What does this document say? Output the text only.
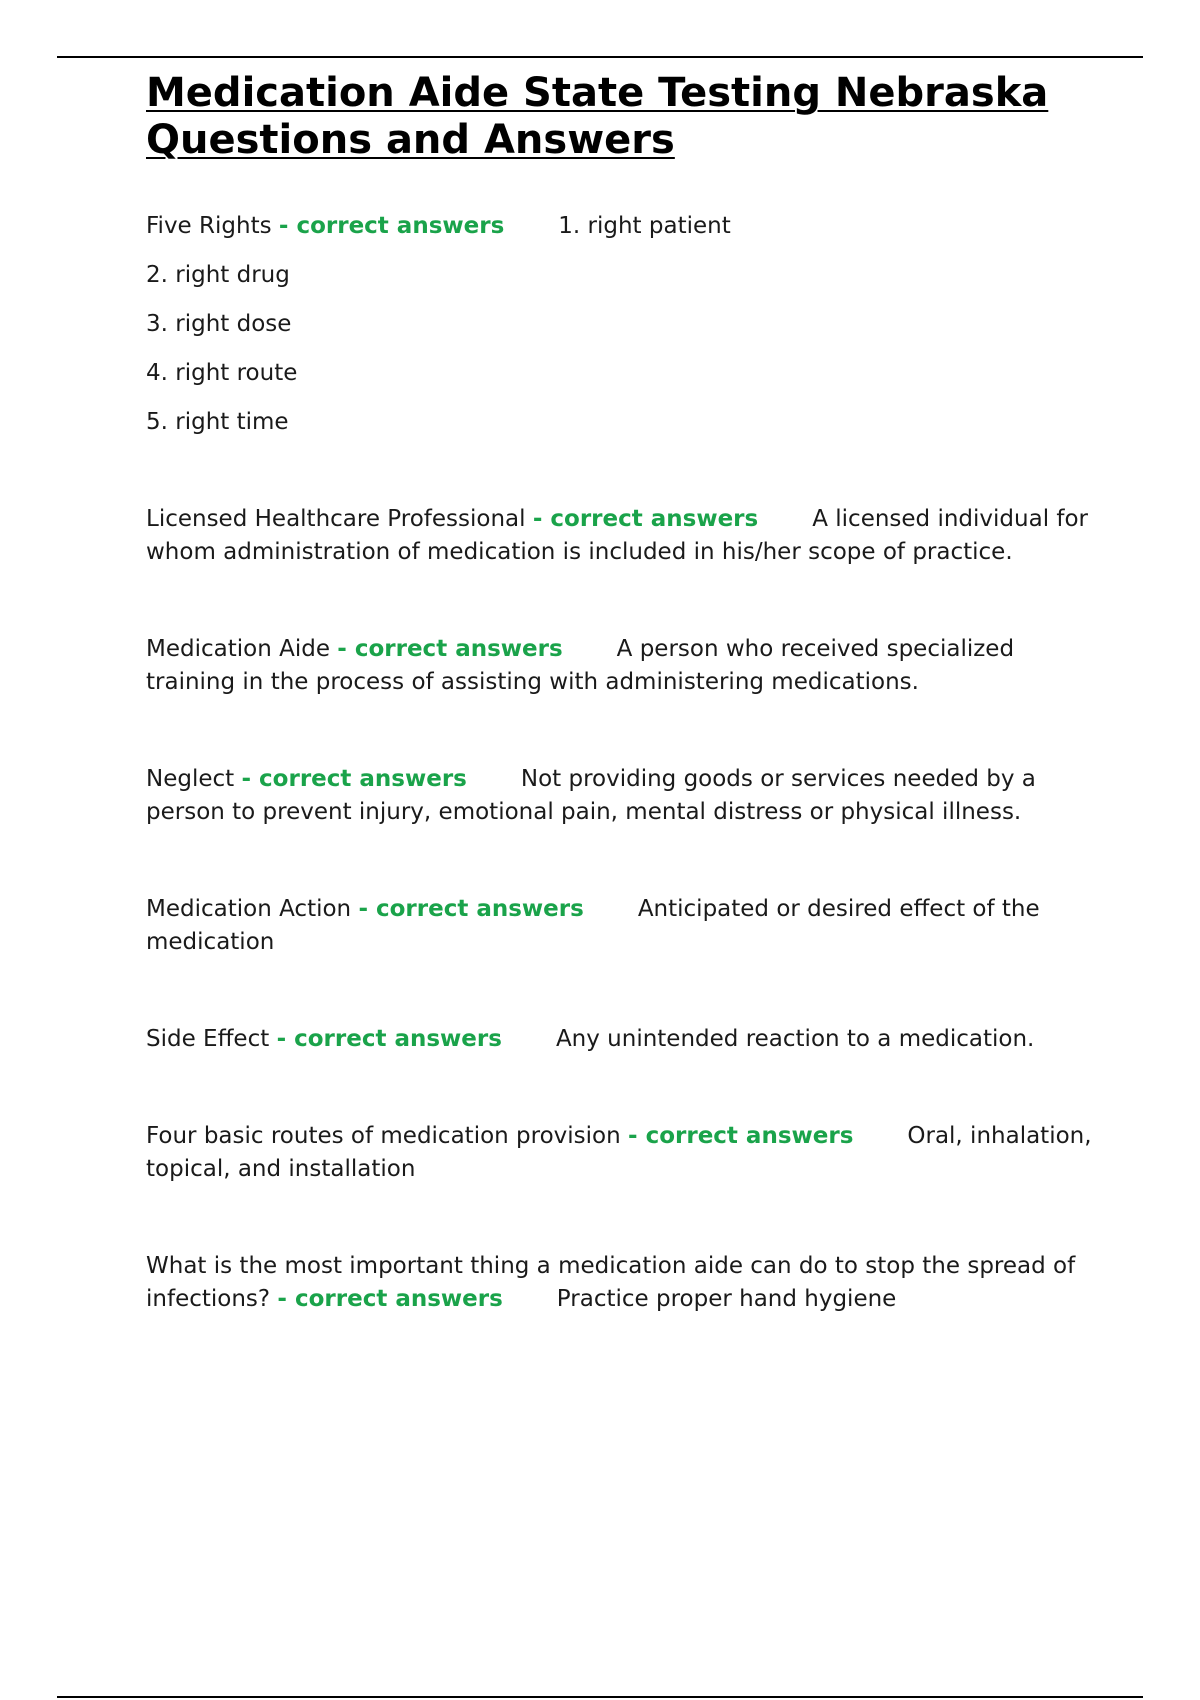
Medication Aide State Testing Nebraska
Questions and Answers

Five Rights - correct answers 1. right patient

2. right drug

3. right dose

4. right route

5. right time

Licensed Healthcare Professional - correct answers A licensed individual for whom administration of medication is included in his/her scope of practice.

Medication Aide - correct answers A person who received specialized training in the process of assisting with administering medications.

Neglect - correct answers Not providing goods or services needed by a person to prevent injury, emotional pain, mental distress or physical illness.

Medication Action - correct answers Anticipated or desired effect of the medication

Side Effect - correct answers Any unintended reaction to a medication.

Four basic routes of medication provision - correct answers Oral, inhalation, topical, and installation

What is the most important thing a medication aide can do to stop the spread of infections? - correct answers Practice proper hand hygiene
